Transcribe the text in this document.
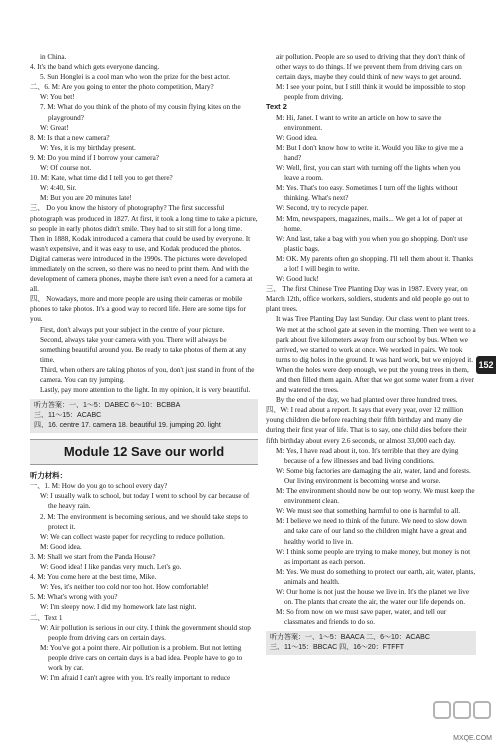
in China.

4. It's the band which gets everyone dancing.

5. Sun Honglei is a cool man who won the prize for the best actor.

二、6. M: Are you going to enter the photo competition, Mary?

W: You bet!

7. M: What do you think of the photo of my cousin flying kites on the playground?

W: Great!

8. M: Is that a new camera?

W: Yes, it is my birthday present.

9. M: Do you mind if I borrow your camera?

W: Of course not.

10. M: Kate, what time did I tell you to get there?

W: 4:40, Sir.

M: But you are 20 minutes late!

三、 Do you know the history of photography? The first successful photograph was produced in 1827. At first, it took a long time to take a picture, so people in early photos didn't smile. They had to sit still for a long time. Then in 1888, Kodak introduced a camera that could be used by everyone. It wasn't expensive, and it was easy to use, and Kodak produced the photos. Digital cameras were introduced in the 1990s. The pictures were developed immediately on the screen, so there was no need to print them. And with the development of camera phones, maybe there isn't even a need for a camera at all.

四、 Nowadays, more and more people are using their cameras or mobile phones to take photos. It's a good way to record life. Here are some tips for you.

First, don't always put your subject in the centre of your picture.

Second, always take your camera with you. There will always be something beautiful around you. Be ready to take photos of them at any time.

Third, when others are taking photos of you, don't just stand in front of the camera. You can try jumping.

Lastly, pay more attention to the light. In my opinion, it is very beautiful.

听力答案：一、1～5：DABEC 6～10：BCBBA
三、11～15：ACABC
四、16. centre 17. camera 18. beautiful 19. jumping 20. light
Module 12 Save our world

听力材料：

一、1. M: How do you go to school every day?

W: I usually walk to school, but today I went to school by car because of the heavy rain.

2. M: The environment is becoming serious, and we should take steps to protect it.

W: We can collect waste paper for recycling to reduce pollution.

M: Good idea.

3. M: Shall we start from the Panda House?

W: Good idea! I like pandas very much. Let's go.

4. M: You come here at the best time, Mike.

W: Yes, it's neither too cold nor too hot. How comfortable!

5. M: What's wrong with you?

W: I'm sleepy now. I did my homework late last night.

二、Text 1

W: Air pollution is serious in our city. I think the government should stop people from driving cars on certain days.

M: You've got a point there. Air pollution is a problem. But not letting people drive cars on certain days is a bad idea. People have to go to work by car.

W: I'm afraid I can't agree with you. It's really important to reduce

air pollution. People are so used to driving that they don't think of other ways to do things. If we prevent them from driving cars on certain days, maybe they could think of new ways to get around.

M: I see your point, but I still think it would be impossible to stop people from driving.

Text 2

M: Hi, Janet. I want to write an article on how to save the environment.

W: Good idea.

M: But I don't know how to write it. Would you like to give me a hand?

W: Well, first, you can start with turning off the lights when you leave a room.

M: Yes. That's too easy. Sometimes I turn off the lights without thinking. What's next?

W: Second, try to recycle paper.

M: Mm, newspapers, magazines, mails... We get a lot of paper at home.

W: And last, take a bag with you when you go shopping. Don't use plastic bags.

M: OK. My parents often go shopping. I'll tell them about it. Thanks a lot! I will begin to write.

W: Good luck!

三、 The first Chinese Tree Planting Day was in 1987. Every year, on March 12th, office workers, soldiers, students and old people go out to plant trees.

It was Tree Planting Day last Sunday. Our class went to plant trees. We met at the school gate at seven in the morning. Then we went to a park about five kilometers away from our school by bus. When we arrived, we started to work at once. We worked in pairs. We took turns to dig holes in the ground. It was hard work, but we enjoyed it. When the holes were deep enough, we put the young trees in them, and then filled them again. After that we got some water from a river and watered the trees.

By the end of the day, we had planted over three hundred trees.

四、W: I read about a report. It says that every year, over 12 million young children die before reaching their fifth birthday and many die during their first year of life. That is to say, one child dies before their fifth birthday about every 2.6 seconds, or almost 33,000 each day.

M: Yes, I have read about it, too. It's terrible that they are dying because of a few illnesses and bad living conditions.

W: Some big factories are damaging the air, water, land and forests. Our living environment is becoming worse and worse.

M: The environment should now be our top worry. We must keep the environment clean.

W: We must see that something harmful to one is harmful to all.

M: I believe we need to think of the future. We need to slow down and take care of our land so the children might have a great and healthy world to live in.

W: I think some people are trying to make money, but money is not as important as each person.

M: Yes. We must do something to protect our earth, air, water, plants, animals and health.

W: Our home is not just the house we live in. It's the planet we live on. The plants that create the air, the water our life depends on.

M: So from now on we must save paper, water, and tell our classmates and friends to do so.

听力答案：一、1～5：BAACA 二、6～10：ACABC
三、11～15：BBCAC 四、16～20：FTFFT
152
MXQE.COM
